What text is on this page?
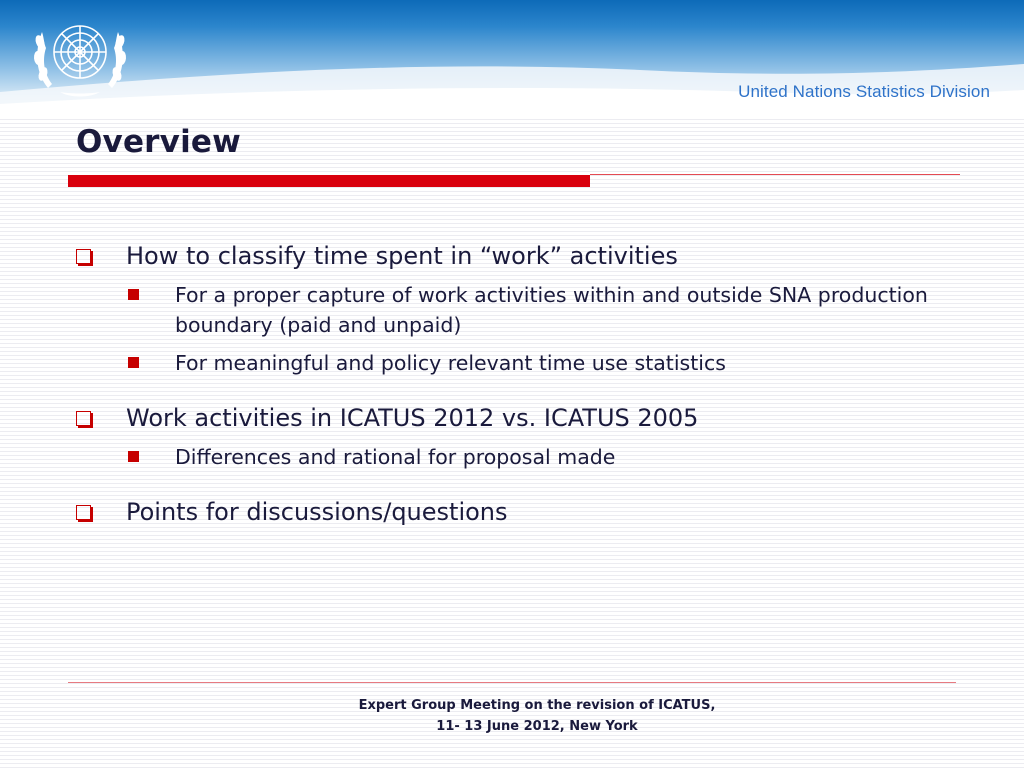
United Nations Statistics Division
Overview
How to classify time spent in “work” activities
For a proper capture of work activities within and outside SNA production boundary (paid and unpaid)
For meaningful and policy relevant time use statistics
Work activities in ICATUS 2012 vs. ICATUS 2005
Differences and rational for proposal made
Points for discussions/questions
Expert Group Meeting on the revision of ICATUS,
11- 13 June 2012, New York
